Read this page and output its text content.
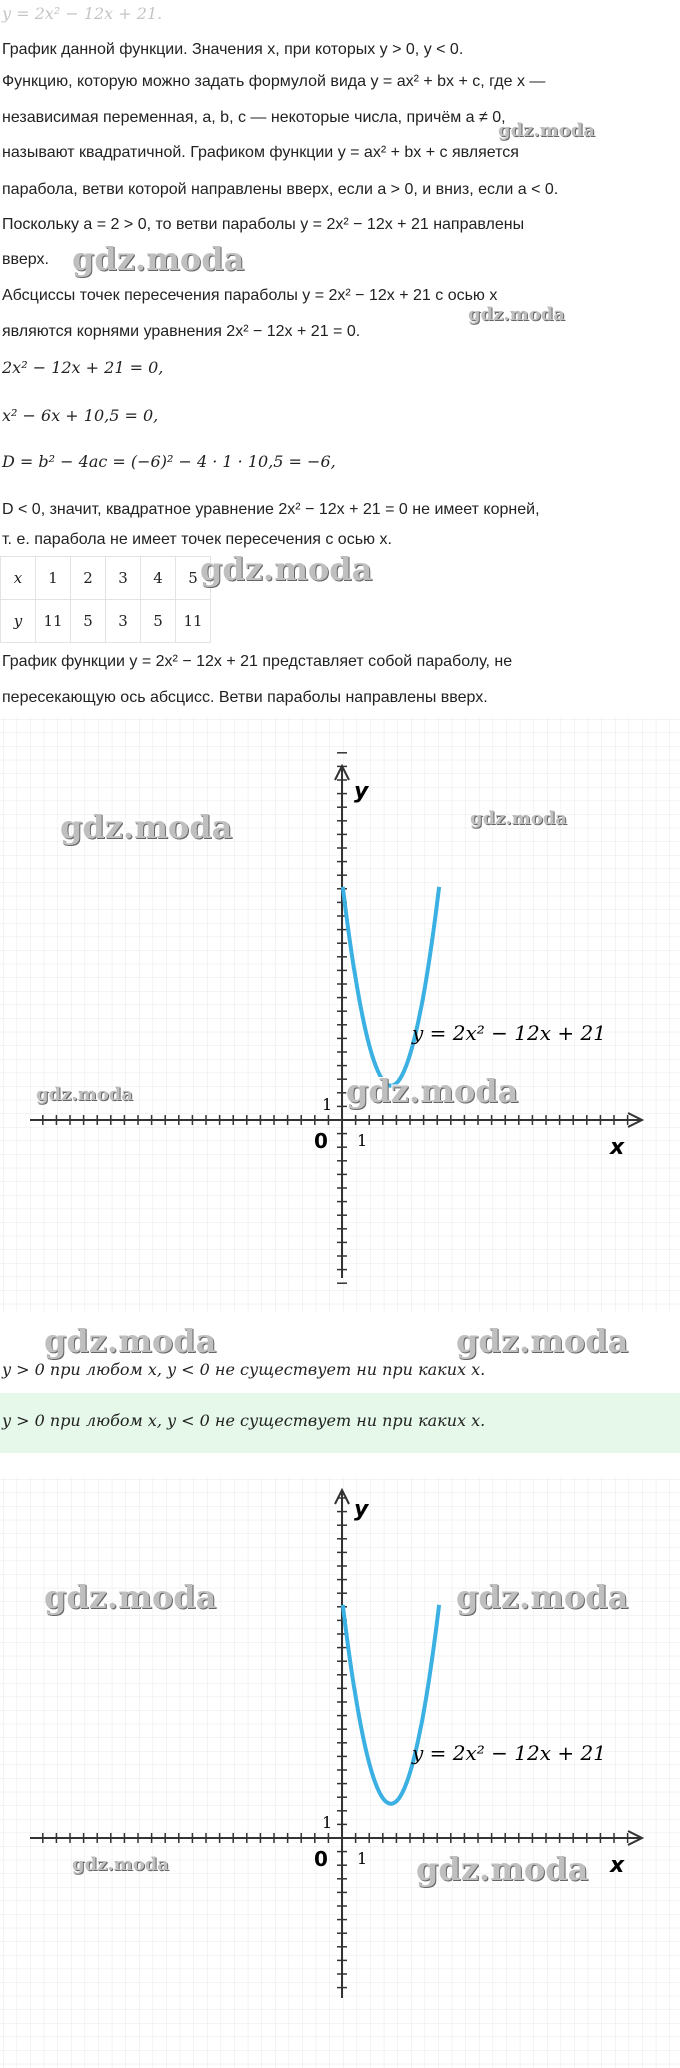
y = 2x² − 12x + 21.
График данной функции. Значения x, при которых y > 0, y < 0.
Функцию, которую можно задать формулой вида y = ax² + bx + c, где x —
независимая переменная, a, b, c — некоторые числа, причём a ≠ 0,
называют квадратичной. Графиком функции y = ax² + bx + c является
парабола, ветви которой направлены вверх, если a > 0, и вниз, если a < 0.
Поскольку a = 2 > 0, то ветви параболы y = 2x² − 12x + 21 направлены
вверх.
Абсциссы точек пересечения параболы y = 2x² − 12x + 21 с осью x
являются корнями уравнения 2x² − 12x + 21 = 0.
2x² − 12x + 21 = 0,
x² − 6x + 10,5 = 0,
D = b² − 4ac = (−6)² − 4 · 1 · 10,5 = −6,
D < 0, значит, квадратное уравнение 2x² − 12x + 21 = 0 не имеет корней,
т. е. парабола не имеет точек пересечения с осью x.
x	1	2	3	4	5
y	11	5	3	5	11
График функции y = 2x² − 12x + 21 представляет собой параболу, не
пересекающую ось абсцисс. Ветви параболы направлены вверх.
y
x
0 1
1
y = 2x² − 12x + 21
y > 0 при любом x, y < 0 не существует ни при каких x.
y > 0 при любом x, y < 0 не существует ни при каких x.
y
x
0 1
1
y = 2x² − 12x + 21
gdz.moda
gdz.moda
gdz.moda
gdz.moda
gdz.moda	gdz.moda
gdz.moda	gdz.moda
gdz.moda	gdz.moda
gdz.moda	gdz.moda
gdz.moda	gdz.moda
